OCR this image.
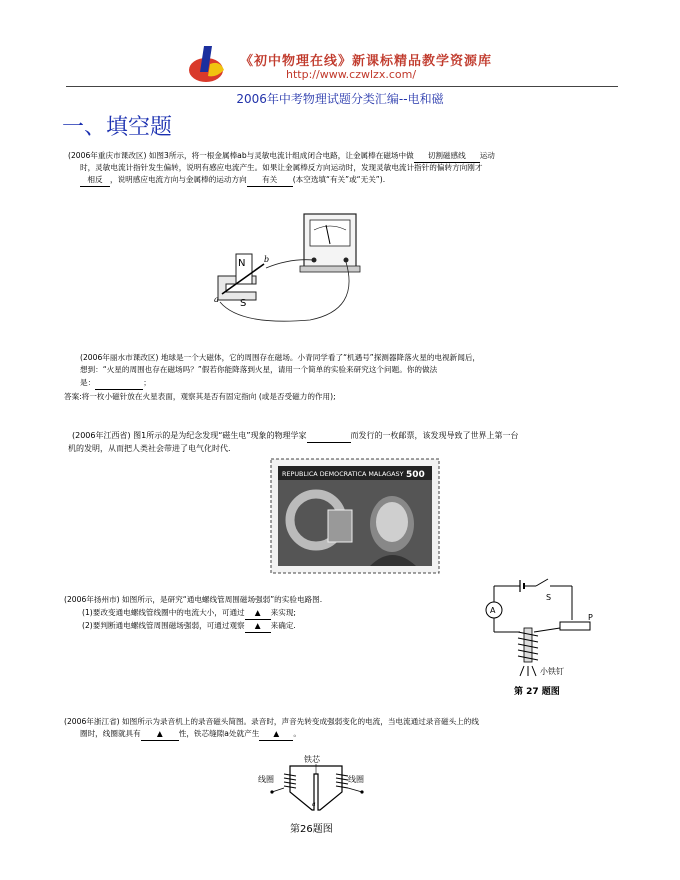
《初中物理在线》新课标精品教学资源库
http://www.czwlzx.com/
2006年中考物理试题分类汇编--电和磁
一、填空题
(2006年重庆市课改区) 如图3所示，将一根金属棒ab与灵敏电流计组成闭合电路，让金属棒在磁场中做 切割磁感线 运动
时，灵敏电流计指针发生偏转，说明有感应电流产生。如果让金属棒反方向运动时，发现灵敏电流计指针的偏转方向刚才
相反 ，说明感应电流方向与金属棒的运动方向 有关 (本空选填“有关”或“无关”).
N
S
a
b
(2006年丽水市课改区) 地球是一个大磁体，它的周围存在磁场。小青同学看了“机遇号”探测器降落火星的电视新闻后，
想到：“火星的周围也存在磁场吗？”假若你能降落到火星，请用一个简单的实验来研究这个问题。你的做法
是：	；
答案:将一枚小磁针放在火星表面，观察其是否有固定指向 (或是否受磁力的作用);
(2006年江西省) 图1所示的是为纪念发现“磁生电”现象的物理学家	而发行的一枚邮票，该发现导致了世界上第一台
机的发明，从而把人类社会带进了电气化时代.
REPUBLICA DEMOCRATICA MALAGASY 500
(2006年扬州市) 如图所示，是研究“通电螺线管周围磁场强弱”的实验电路图.
(1)要改变通电螺线管线圈中的电流大小，可通过 ▲ 来实现;
(2)要判断通电螺线管周围磁场强弱，可通过观察 ▲ 来确定.
S
A
P
小铁钉
第 27 题图
(2006年浙江省) 如图所示为录音机上的录音磁头简图。录音时，声音先转变成强弱变化的电流，当电流通过录音磁头上的线
圈时，线圈就具有 ▲ 性，铁芯缝隙a处就产生 ▲ 。
铁芯
线圈	线圈
a
第26题图
